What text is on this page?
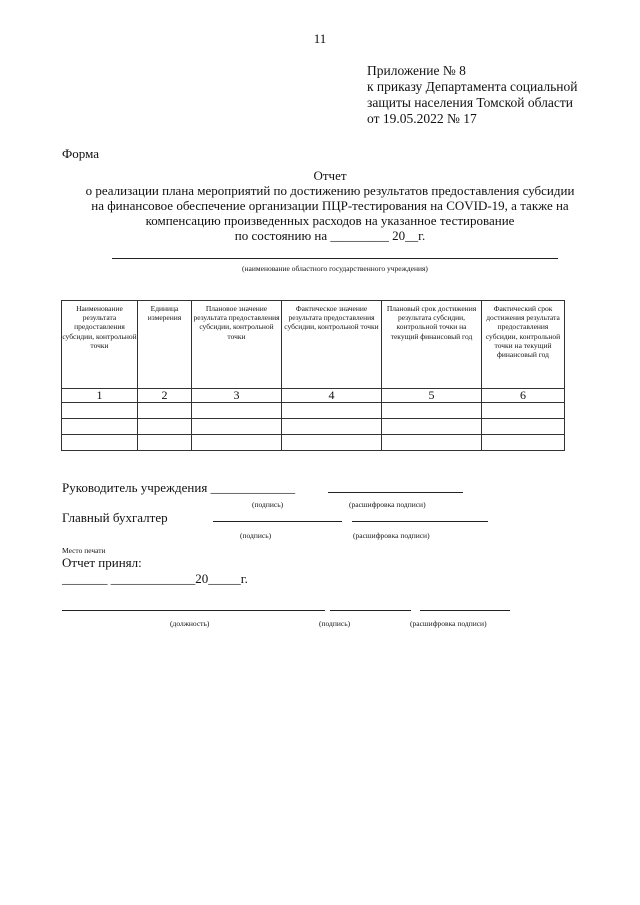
11
Приложение № 8
к приказу Департамента социальной
защиты населения Томской области
от 19.05.2022 № 17
Форма
Отчет
о реализации плана мероприятий по достижению результатов предоставления субсидии
на финансовое обеспечение организации ПЦР-тестирования на COVID-19, а также на
компенсацию произведенных расходов на указанное тестирование
по состоянию на _________ 20__г.
(наименование областного государственного учреждения)
Наименование результата предоставления субсидии, контрольной точки	Единица измерения	Плановое значение результата предоставления субсидии, контрольной точки	Фактическое значение результата предоставления субсидии, контрольной точки	Плановый срок достижения результата субсидии, контрольной точки на текущий финансовый год	Фактический срок достижения результата предоставления субсидии, контрольной точки на текущий финансовый год
1	2	3	4	5	6

Руководитель учреждения _____________
(подпись)	(расшифровка подписи)
Главный бухгалтер
(подпись)	(расшифровка подписи)
Место печати
Отчет принял:
_______ _____________20_____г.
(должность)	(подпись)	(расшифровка подписи)
